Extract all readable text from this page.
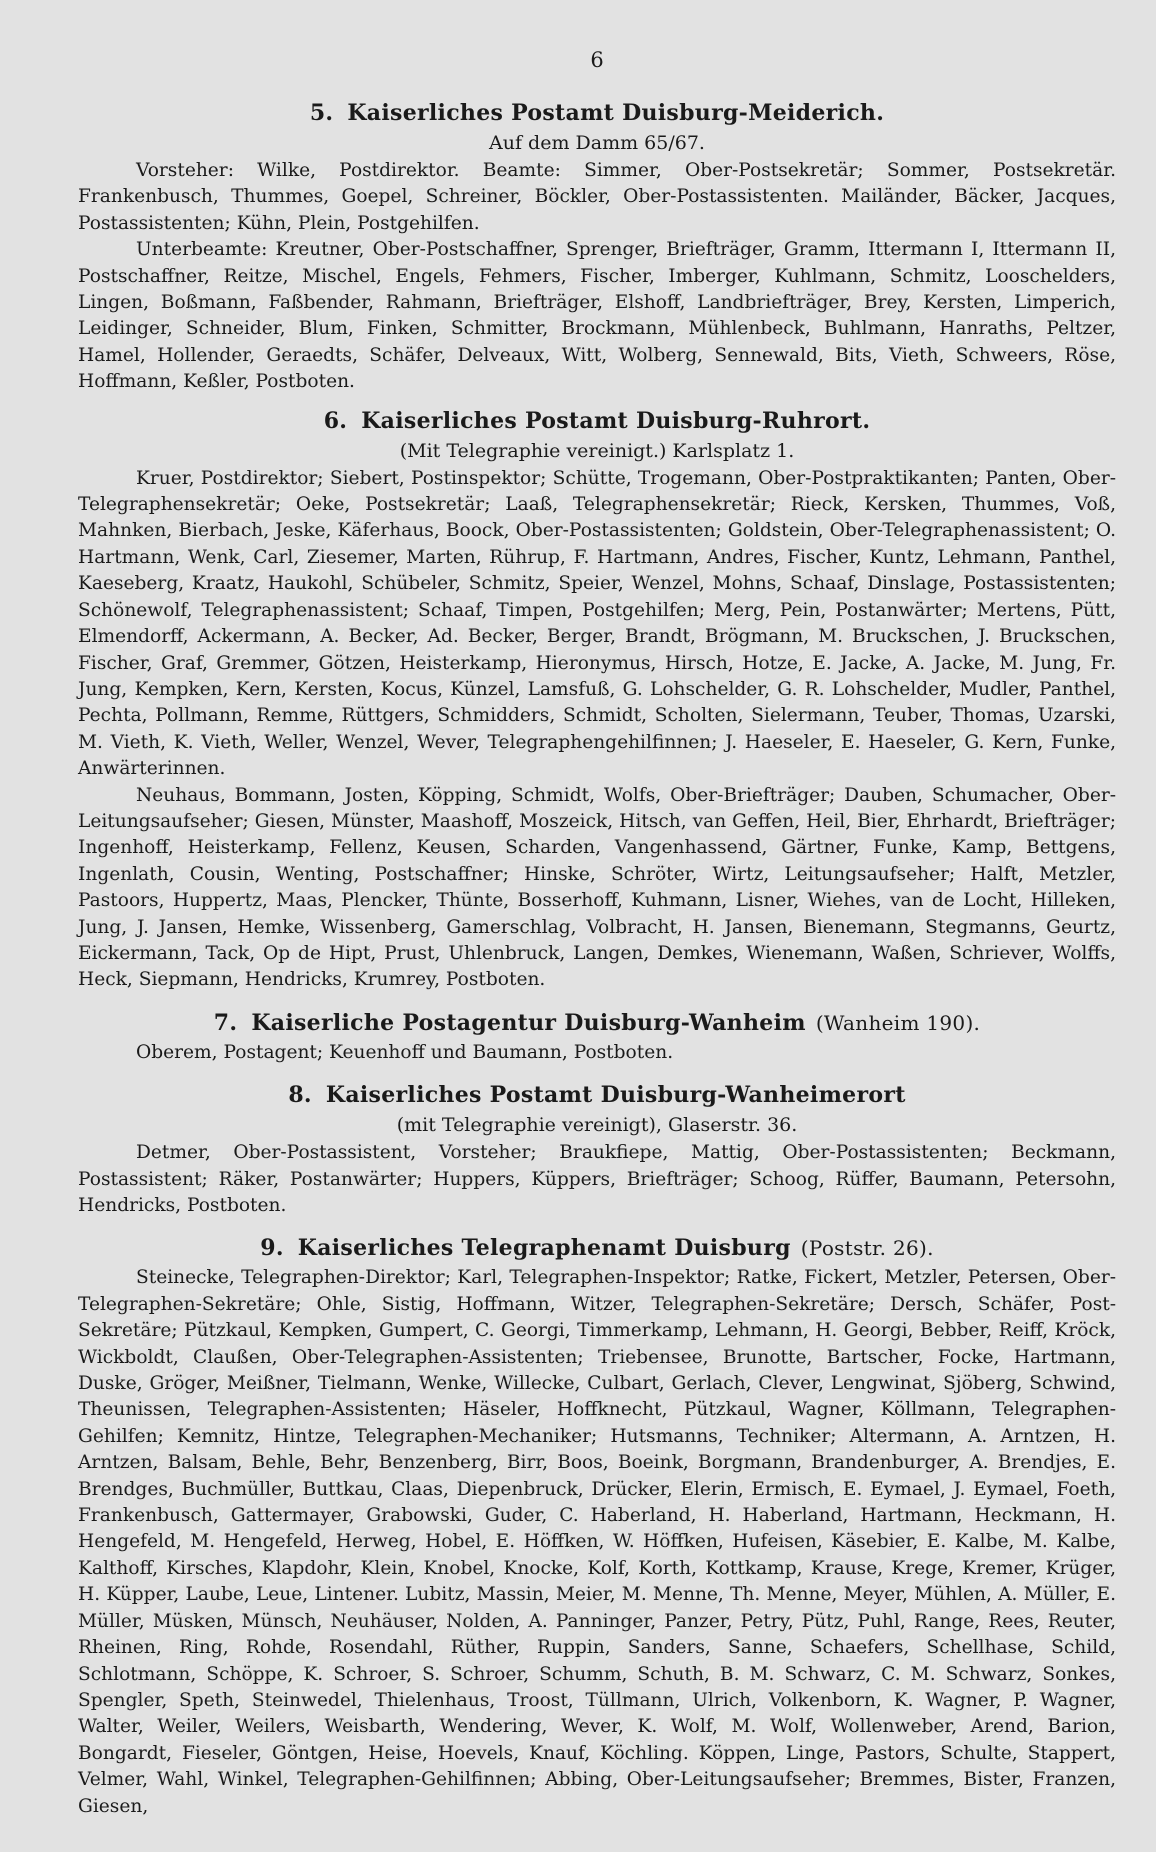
6
5. Kaiserliches Postamt Duisburg-Meiderich.
Auf dem Damm 65/67.

Vorsteher: Wilke, Postdirektor. Beamte: Simmer, Ober-Postsekretär; Sommer, Postsekretär. Frankenbusch, Thummes, Goepel, Schreiner, Böckler, Ober-Postassistenten. Mailänder, Bäcker, Jacques, Postassistenten; Kühn, Plein, Postgehilfen.

Unterbeamte: Kreutner, Ober-Postschaffner, Sprenger, Briefträger, Gramm, Ittermann I, Ittermann II, Postschaffner, Reitze, Mischel, Engels, Fehmers, Fischer, Imberger, Kuhlmann, Schmitz, Looschelders, Lingen, Boßmann, Faßbender, Rahmann, Briefträger, Elshoff, Landbriefträger, Brey, Kersten, Limperich, Leidinger, Schneider, Blum, Finken, Schmitter, Brockmann, Mühlenbeck, Buhlmann, Hanraths, Peltzer, Hamel, Hollender, Geraedts, Schäfer, Delveaux, Witt, Wolberg, Sennewald, Bits, Vieth, Schweers, Röse, Hoffmann, Keßler, Postboten.

6. Kaiserliches Postamt Duisburg-Ruhrort.
(Mit Telegraphie vereinigt.) Karlsplatz 1.

Kruer, Postdirektor; Siebert, Postinspektor; Schütte, Trogemann, Ober-Postpraktikanten; Panten, Ober-Telegraphensekretär; Oeke, Postsekretär; Laaß, Telegraphensekretär; Rieck, Kersken, Thummes, Voß, Mahnken, Bierbach, Jeske, Käferhaus, Boock, Ober-Postassistenten; Goldstein, Ober-Telegraphenassistent; O. Hartmann, Wenk, Carl, Ziesemer, Marten, Rührup, F. Hartmann, Andres, Fischer, Kuntz, Lehmann, Panthel, Kaeseberg, Kraatz, Haukohl, Schübeler, Schmitz, Speier, Wenzel, Mohns, Schaaf, Dinslage, Postassistenten; Schönewolf, Telegraphenassistent; Schaaf, Timpen, Postgehilfen; Merg, Pein, Postanwärter; Mertens, Pütt, Elmendorff, Ackermann, A. Becker, Ad. Becker, Berger, Brandt, Brögmann, M. Bruckschen, J. Bruckschen, Fischer, Graf, Gremmer, Götzen, Heisterkamp, Hieronymus, Hirsch, Hotze, E. Jacke, A. Jacke, M. Jung, Fr. Jung, Kempken, Kern, Kersten, Kocus, Künzel, Lamsfuß, G. Lohschelder, G. R. Lohschelder, Mudler, Panthel, Pechta, Pollmann, Remme, Rüttgers, Schmidders, Schmidt, Scholten, Sielermann, Teuber, Thomas, Uzarski, M. Vieth, K. Vieth, Weller, Wenzel, Wever, Telegraphengehilfinnen; J. Haeseler, E. Haeseler, G. Kern, Funke, Anwärterinnen.

Neuhaus, Bommann, Josten, Köpping, Schmidt, Wolfs, Ober-Briefträger; Dauben, Schumacher, Ober-Leitungsaufseher; Giesen, Münster, Maashoff, Moszeick, Hitsch, van Geffen, Heil, Bier, Ehrhardt, Briefträger; Ingenhoff, Heisterkamp, Fellenz, Keusen, Scharden, Vangenhassend, Gärtner, Funke, Kamp, Bettgens, Ingenlath, Cousin, Wenting, Postschaffner; Hinske, Schröter, Wirtz, Leitungsaufseher; Halft, Metzler, Pastoors, Huppertz, Maas, Plencker, Thünte, Bosserhoff, Kuhmann, Lisner, Wiehes, van de Locht, Hilleken, Jung, J. Jansen, Hemke, Wissenberg, Gamerschlag, Volbracht, H. Jansen, Bienemann, Stegmanns, Geurtz, Eickermann, Tack, Op de Hipt, Prust, Uhlenbruck, Langen, Demkes, Wienemann, Waßen, Schriever, Wolffs, Heck, Siepmann, Hendricks, Krumrey, Postboten.

7. Kaiserliche Postagentur Duisburg-Wanheim (Wanheim 190).

Oberem, Postagent; Keuenhoff und Baumann, Postboten.

8. Kaiserliches Postamt Duisburg-Wanheimerort
(mit Telegraphie vereinigt), Glaserstr. 36.

Detmer, Ober-Postassistent, Vorsteher; Braukfiepe, Mattig, Ober-Postassistenten; Beckmann, Postassistent; Räker, Postanwärter; Huppers, Küppers, Briefträger; Schoog, Rüffer, Baumann, Petersohn, Hendricks, Postboten.

9. Kaiserliches Telegraphenamt Duisburg (Poststr. 26).

Steinecke, Telegraphen-Direktor; Karl, Telegraphen-Inspektor; Ratke, Fickert, Metzler, Petersen, Ober-Telegraphen-Sekretäre; Ohle, Sistig, Hoffmann, Witzer, Telegraphen-Sekretäre; Dersch, Schäfer, Post-Sekretäre; Pützkaul, Kempken, Gumpert, C. Georgi, Timmerkamp, Lehmann, H. Georgi, Bebber, Reiff, Kröck, Wickboldt, Claußen, Ober-Telegraphen-Assistenten; Triebensee, Brunotte, Bartscher, Focke, Hartmann, Duske, Gröger, Meißner, Tielmann, Wenke, Willecke, Culbart, Gerlach, Clever, Lengwinat, Sjöberg, Schwind, Theunissen, Telegraphen-Assistenten; Häseler, Hoffknecht, Pützkaul, Wagner, Köllmann, Telegraphen-Gehilfen; Kemnitz, Hintze, Telegraphen-Mechaniker; Hutsmanns, Techniker; Altermann, A. Arntzen, H. Arntzen, Balsam, Behle, Behr, Benzenberg, Birr, Boos, Boeink, Borgmann, Brandenburger, A. Brendjes, E. Brendges, Buchmüller, Buttkau, Claas, Diepenbruck, Drücker, Elerin, Ermisch, E. Eymael, J. Eymael, Foeth, Frankenbusch, Gattermayer, Grabowski, Guder, C. Haberland, H. Haberland, Hartmann, Heckmann, H. Hengefeld, M. Hengefeld, Herweg, Hobel, E. Höffken, W. Höffken, Hufeisen, Käsebier, E. Kalbe, M. Kalbe, Kalthoff, Kirsches, Klapdohr, Klein, Knobel, Knocke, Kolf, Korth, Kottkamp, Krause, Krege, Kremer, Krüger, H. Küpper, Laube, Leue, Lintener. Lubitz, Massin, Meier, M. Menne, Th. Menne, Meyer, Mühlen, A. Müller, E. Müller, Müsken, Münsch, Neuhäuser, Nolden, A. Panninger, Panzer, Petry, Pütz, Puhl, Range, Rees, Reuter, Rheinen, Ring, Rohde, Rosendahl, Rüther, Ruppin, Sanders, Sanne, Schaefers, Schellhase, Schild, Schlotmann, Schöppe, K. Schroer, S. Schroer, Schumm, Schuth, B. M. Schwarz, C. M. Schwarz, Sonkes, Spengler, Speth, Steinwedel, Thielenhaus, Troost, Tüllmann, Ulrich, Volkenborn, K. Wagner, P. Wagner, Walter, Weiler, Weilers, Weisbarth, Wendering, Wever, K. Wolf, M. Wolf, Wollenweber, Arend, Barion, Bongardt, Fieseler, Göntgen, Heise, Hoevels, Knauf, Köchling. Köppen, Linge, Pastors, Schulte, Stappert, Velmer, Wahl, Winkel, Telegraphen-Gehilfinnen; Abbing, Ober-Leitungsaufseher; Bremmes, Bister, Franzen, Giesen,
